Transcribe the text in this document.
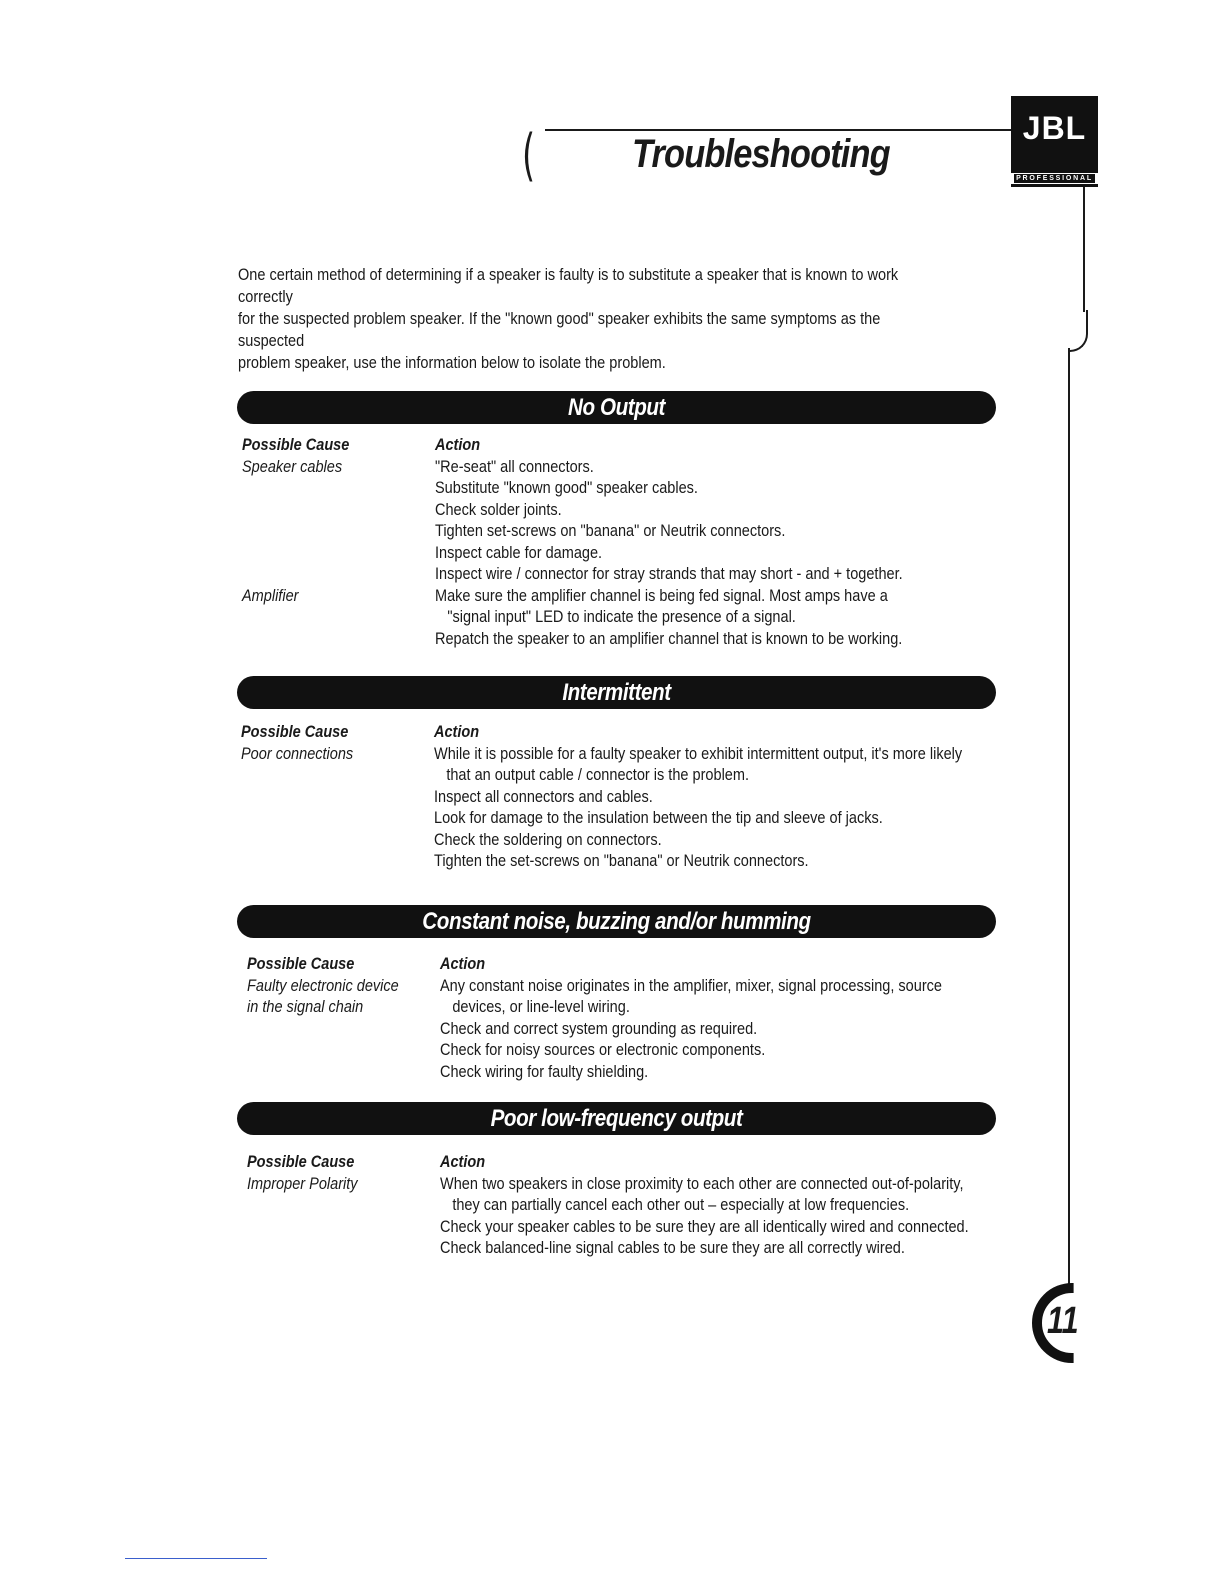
( Troubleshooting
JBL
PROFESSIONAL
One certain method of determining if a speaker is faulty is to substitute a speaker that is known to work correctly
for the suspected problem speaker. If the "known good" speaker exhibits the same symptoms as the suspected
problem speaker, use the information below to isolate the problem.
No Output
Possible Cause
Speaker cables
Amplifier
Action
"Re-seat" all connectors.
Substitute "known good" speaker cables.
Check solder joints.
Tighten set-screws on "banana" or Neutrik connectors.
Inspect cable for damage.
Inspect wire / connector for stray strands that may short - and + together.
Make sure the amplifier channel is being fed signal. Most amps have a
"signal input" LED to indicate the presence of a signal.
Repatch the speaker to an amplifier channel that is known to be working.
Intermittent
Possible Cause
Poor connections
Action
While it is possible for a faulty speaker to exhibit intermittent output, it's more likely
that an output cable / connector is the problem.
Inspect all connectors and cables.
Look for damage to the insulation between the tip and sleeve of jacks.
Check the soldering on connectors.
Tighten the set-screws on "banana" or Neutrik connectors.
Constant noise, buzzing and/or humming
Possible Cause
Faulty electronic device
in the signal chain
Action
Any constant noise originates in the amplifier, mixer, signal processing, source
devices, or line-level wiring.
Check and correct system grounding as required.
Check for noisy sources or electronic components.
Check wiring for faulty shielding.
Poor low-frequency output
Possible Cause
Improper Polarity
Action
When two speakers in close proximity to each other are connected out-of-polarity,
they can partially cancel each other out – especially at low frequencies.
Check your speaker cables to be sure they are all identically wired and connected.
Check balanced-line signal cables to be sure they are all correctly wired.
11
